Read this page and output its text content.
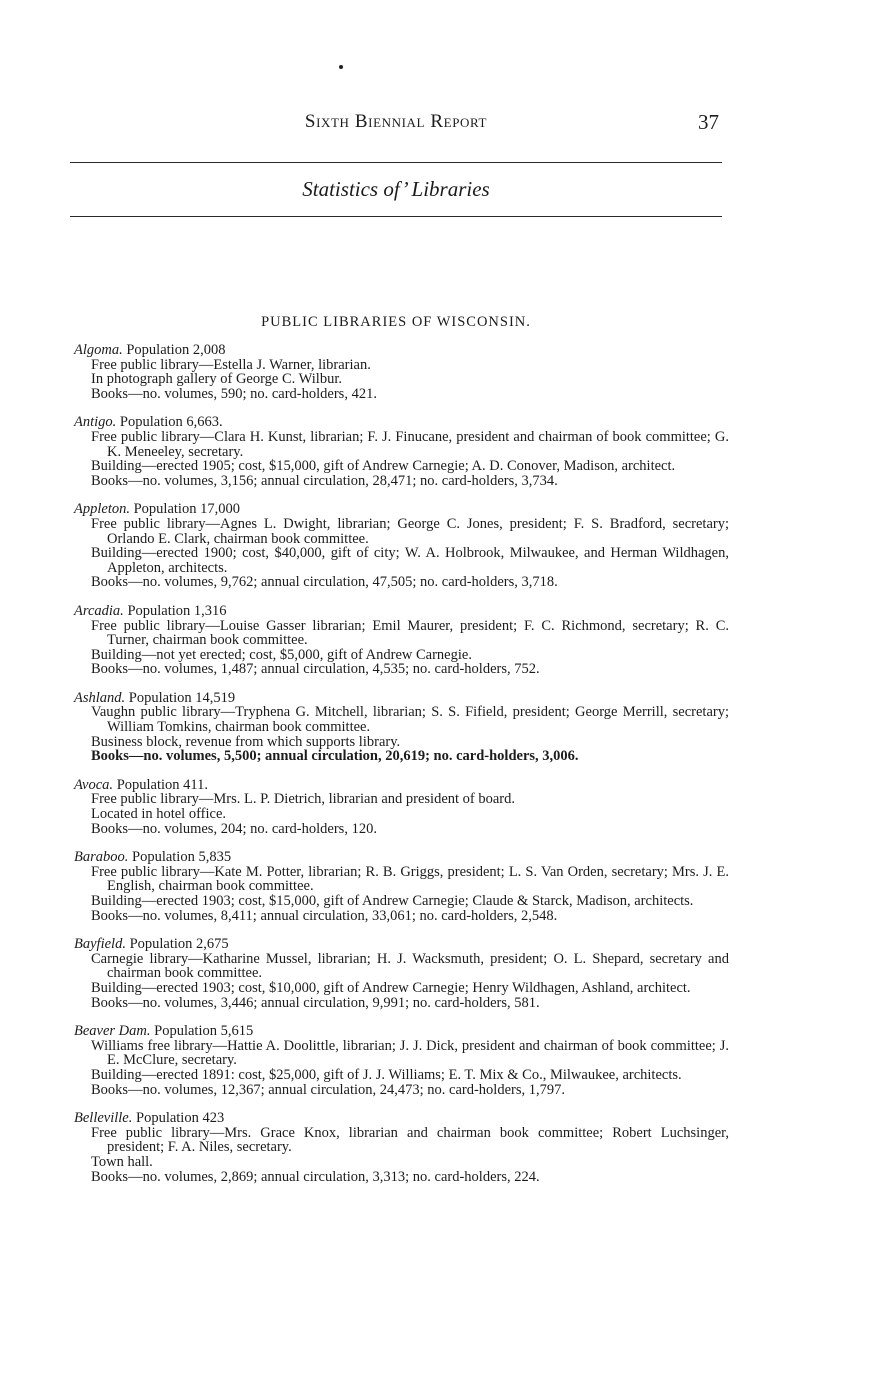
Sixth Biennial Report	37
Statistics of’ Libraries
PUBLIC LIBRARIES OF WISCONSIN.
Algoma. Population 2,008
Free public library—Estella J. Warner, librarian.
In photograph gallery of George C. Wilbur.
Books—no. volumes, 590; no. card-holders, 421.
Antigo. Population 6,663.
Free public library—Clara H. Kunst, librarian; F. J. Finucane, president and chairman of book committee; G. K. Meneeley, secretary.
Building—erected 1905; cost, $15,000, gift of Andrew Carnegie; A. D. Conover, Madison, architect.
Books—no. volumes, 3,156; annual circulation, 28,471; no. card-holders, 3,734.
Appleton. Population 17,000
Free public library—Agnes L. Dwight, librarian; George C. Jones, president; F. S. Bradford, secretary; Orlando E. Clark, chairman book committee.
Building—erected 1900; cost, $40,000, gift of city; W. A. Holbrook, Milwaukee, and Herman Wildhagen, Appleton, architects.
Books—no. volumes, 9,762; annual circulation, 47,505; no. card-holders, 3,718.
Arcadia. Population 1,316
Free public library—Louise Gasser librarian; Emil Maurer, president; F. C. Richmond, secretary; R. C. Turner, chairman book committee.
Building—not yet erected; cost, $5,000, gift of Andrew Carnegie.
Books—no. volumes, 1,487; annual circulation, 4,535; no. card-holders, 752.
Ashland. Population 14,519
Vaughn public library—Tryphena G. Mitchell, librarian; S. S. Fifield, president; George Merrill, secretary; William Tomkins, chairman book committee.
Business block, revenue from which supports library.
Books—no. volumes, 5,500; annual circulation, 20,619; no. card-holders, 3,006.
Avoca. Population 411.
Free public library—Mrs. L. P. Dietrich, librarian and president of board.
Located in hotel office.
Books—no. volumes, 204; no. card-holders, 120.
Baraboo. Population 5,835
Free public library—Kate M. Potter, librarian; R. B. Griggs, president; L. S. Van Orden, secretary; Mrs. J. E. English, chairman book committee.
Building—erected 1903; cost, $15,000, gift of Andrew Carnegie; Claude & Starck, Madison, architects.
Books—no. volumes, 8,411; annual circulation, 33,061; no. card-holders, 2,548.
Bayfield. Population 2,675
Carnegie library—Katharine Mussel, librarian; H. J. Wacksmuth, president; O. L. Shepard, secretary and chairman book committee.
Building—erected 1903; cost, $10,000, gift of Andrew Carnegie; Henry Wildhagen, Ashland, architect.
Books—no. volumes, 3,446; annual circulation, 9,991; no. card-holders, 581.
Beaver Dam. Population 5,615
Williams free library—Hattie A. Doolittle, librarian; J. J. Dick, president and chairman of book committee; J. E. McClure, secretary.
Building—erected 1891: cost, $25,000, gift of J. J. Williams; E. T. Mix & Co., Milwaukee, architects.
Books—no. volumes, 12,367; annual circulation, 24,473; no. card-holders, 1,797.
Belleville. Population 423
Free public library—Mrs. Grace Knox, librarian and chairman book committee; Robert Luchsinger, president; F. A. Niles, secretary.
Town hall.
Books—no. volumes, 2,869; annual circulation, 3,313; no. card-holders, 224.
